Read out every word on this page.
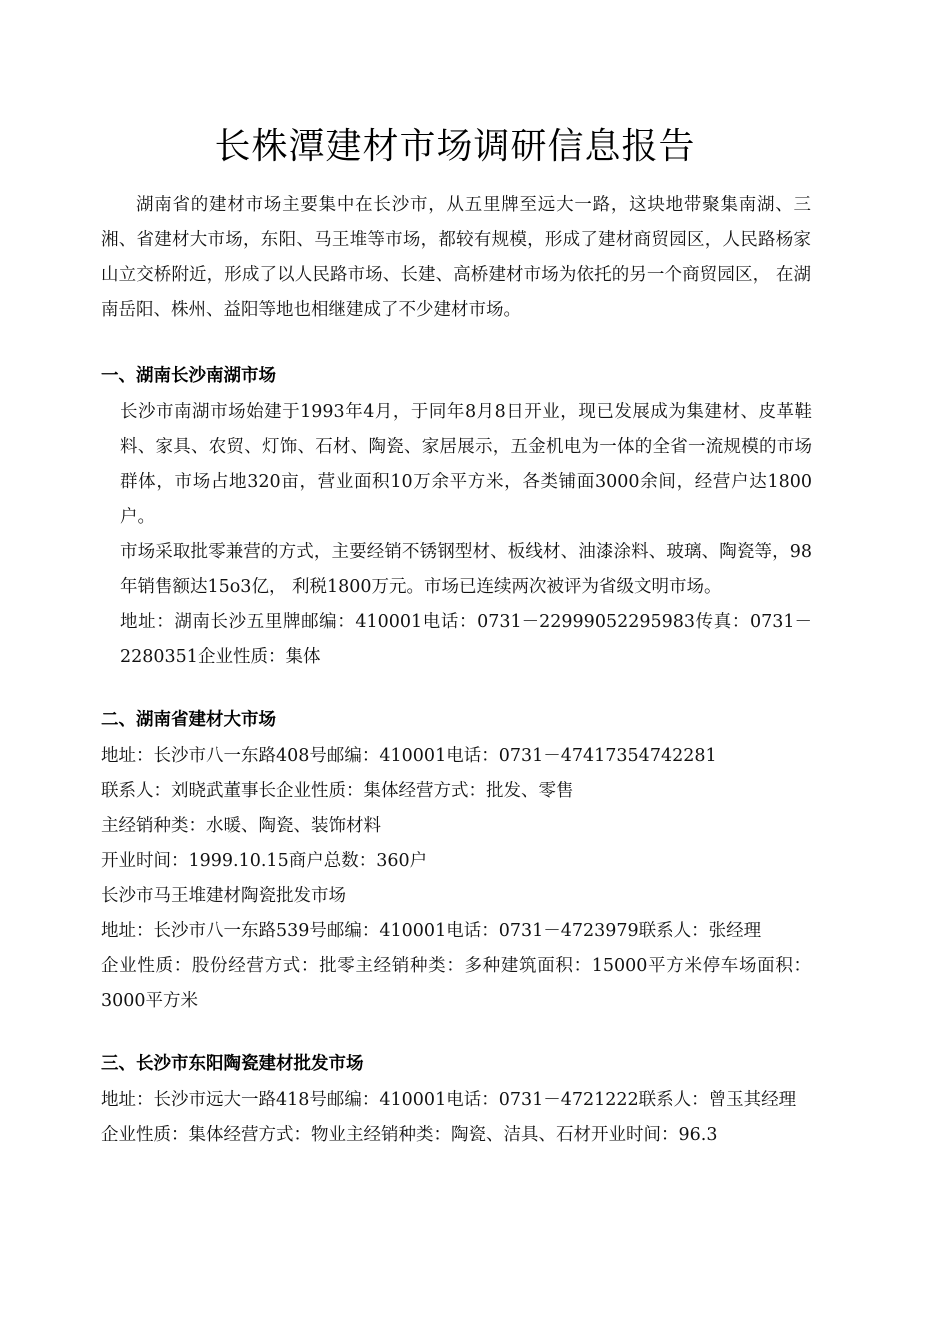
长株潭建材市场调研信息报告

湖南省的建材市场主要集中在长沙市，从五里牌至远大一路，这块地带聚集南湖、三湘、省建材大市场，东阳、马王堆等市场，都较有规模，形成了建材商贸园区，人民路杨家山立交桥附近，形成了以人民路市场、长建、高桥建材市场为依托的另一个商贸园区， 在湖南岳阳、株州、益阳等地也相继建成了不少建材市场。

一、湖南长沙南湖市场

长沙市南湖市场始建于1993年4月，于同年8月8日开业，现已发展成为集建材、皮革鞋料、家具、农贸、灯饰、石材、陶瓷、家居展示，五金机电为一体的全省一流规模的市场群体，市场占地320亩，营业面积10万余平方米，各类铺面3000余间，经营户达1800户。

市场采取批零兼营的方式，主要经销不锈钢型材、板线材、油漆涂料、玻璃、陶瓷等，98年销售额达15o3亿， 利税1800万元。市场已连续两次被评为省级文明市场。

地址：湖南长沙五里牌邮编：410001电话：0731－22999052295983传真：0731－2280351企业性质：集体

二、湖南省建材大市场

地址：长沙市八一东路408号邮编：410001电话：0731－47417354742281

联系人：刘晓武董事长企业性质：集体经营方式：批发、零售

主经销种类：水暖、陶瓷、装饰材料

开业时间：1999.10.15商户总数：360户

长沙市马王堆建材陶瓷批发市场

地址：长沙市八一东路539号邮编：410001电话：0731－4723979联系人：张经理

企业性质：股份经营方式：批零主经销种类：多种建筑面积：15000平方米停车场面积：3000平方米

三、长沙市东阳陶瓷建材批发市场

地址：长沙市远大一路418号邮编：410001电话：0731－4721222联系人：曾玉其经理

企业性质：集体经营方式：物业主经销种类：陶瓷、洁具、石材开业时间：96.3
